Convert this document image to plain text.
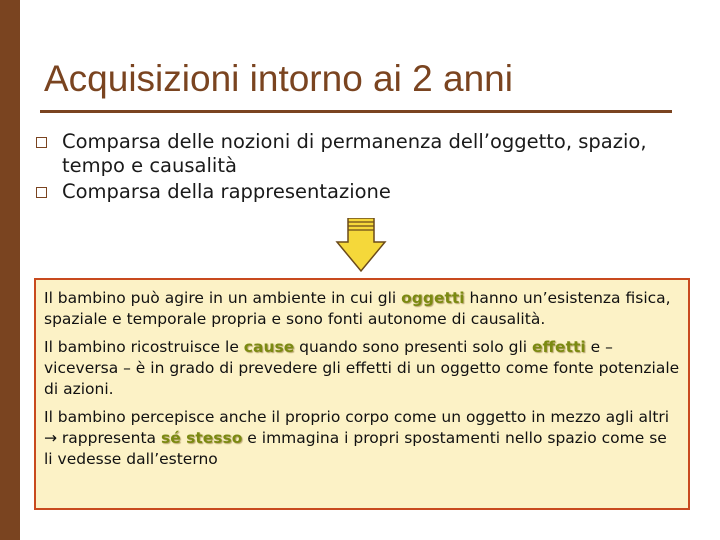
Acquisizioni intorno ai 2 anni
Comparsa delle nozioni di permanenza dell’oggetto, spazio, tempo e causalità
Comparsa della rappresentazione
Il bambino può agire in un ambiente in cui gli oggetti hanno un’esistenza fisica, spaziale e temporale propria e sono fonti autonome di causalità.
Il bambino ricostruisce le cause quando sono presenti solo gli effetti e – viceversa – è in grado di prevedere gli effetti di un oggetto come fonte potenziale di azioni.
Il bambino percepisce anche il proprio corpo come un oggetto in mezzo agli altri → rappresenta sé stesso e immagina i propri spostamenti nello spazio come se li vedesse dall’esterno
